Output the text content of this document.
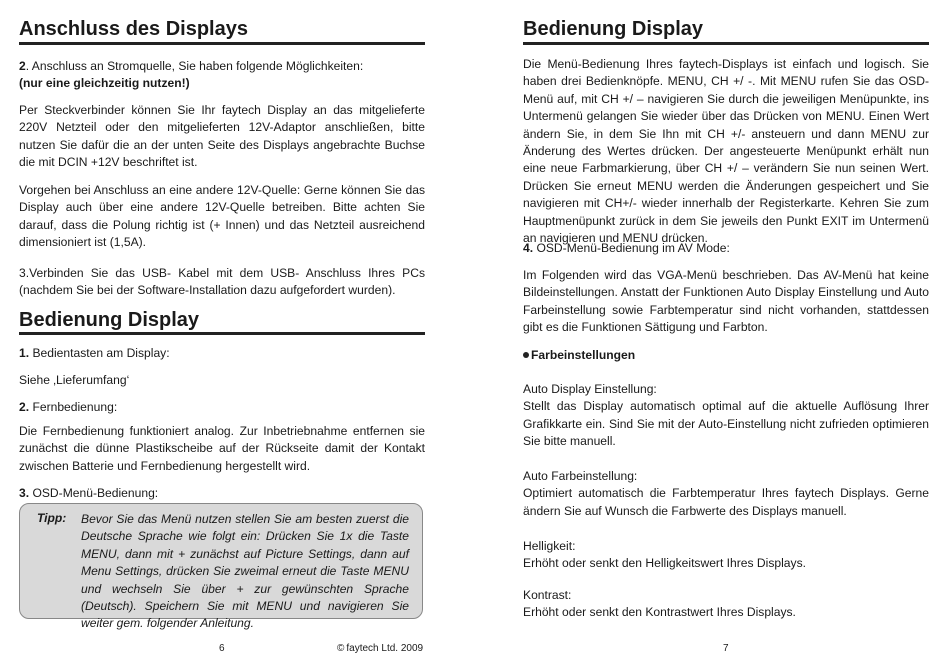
Anschluss des Displays

2. Anschluss an Stromquelle, Sie haben folgende Möglichkeiten:
(nur eine gleichzeitig nutzen!)

Per Steckverbinder können Sie Ihr faytech Display an das mitgelieferte 220V Netzteil oder den mitgelieferten 12V-Adaptor anschließen, bitte nutzen Sie dafür die an der unten Seite des Displays angebrachte Buchse die mit DCIN +12V beschriftet ist.

Vorgehen bei Anschluss an eine andere 12V-Quelle: Gerne können Sie das Display auch über eine andere 12V-Quelle betreiben. Bitte achten Sie darauf, dass die Polung richtig ist (+ Innen) und das Netzteil ausreichend dimensioniert ist (1,5A).

3.Verbinden Sie das USB- Kabel mit dem USB- Anschluss Ihres PCs (nachdem Sie bei der Software-Installation dazu aufgefordert wurden).

Bedienung Display

1. Bedientasten am Display:

Siehe ‚Lieferumfang‘

2. Fernbedienung:

Die Fernbedienung funktioniert analog. Zur Inbetriebnahme entfernen sie zunächst die dünne Plastikscheibe auf der Rückseite damit der Kontakt zwischen Batterie und Fernbedienung hergestellt wird.

3. OSD-Menü-Bedienung:

Tipp: Bevor Sie das Menü nutzen stellen Sie am besten zuerst die Deutsche Sprache wie folgt ein: Drücken Sie 1x die Taste MENU, dann mit + zunächst auf Picture Settings, dann auf Menu Settings, drücken Sie zweimal erneut die Taste MENU und wechseln Sie über + zur gewünschten Sprache (Deutsch). Speichern Sie mit MENU und navigieren Sie weiter gem. folgender Anleitung.
6	© faytech Ltd. 2009
Bedienung Display

Die Menü-Bedienung Ihres faytech-Displays ist einfach und logisch. Sie haben drei Bedienknöpfe. MENU, CH +/ -. Mit MENU rufen Sie das OSD-Menü auf, mit CH +/ – navigieren Sie durch die jeweiligen Menüpunkte, ins Untermenü gelangen Sie wieder über das Drücken von MENU. Einen Wert ändern Sie, in dem Sie Ihn mit CH +/- ansteuern und dann MENU zur Änderung des Wertes drücken. Der angesteuerte Menüpunkt erhält nun eine neue Farbmarkierung, über CH +/ – verändern Sie nun seinen Wert. Drücken Sie erneut MENU werden die Änderungen gespeichert und Sie navigieren mit CH+/- wieder innerhalb der Registerkarte. Kehren Sie zum Hauptmenüpunkt zurück in dem Sie jeweils den Punkt EXIT im Untermenü an navigieren und MENU drücken.

4. OSD-Menü-Bedienung im AV Mode:

Im Folgenden wird das VGA-Menü beschrieben. Das AV-Menü hat keine Bildeinstellungen. Anstatt der Funktionen Auto Display Einstellung und Auto Farbeinstellung sowie Farbtemperatur sind nicht vorhanden, stattdessen gibt es die Funktionen Sättigung und Farbton.

Farbeinstellungen

Auto Display Einstellung:
Stellt das Display automatisch optimal auf die aktuelle Auflösung Ihrer Grafikkarte ein. Sind Sie mit der Auto-Einstellung nicht zufrieden optimieren Sie bitte manuell.

Auto Farbeinstellung:
Optimiert automatisch die Farbtemperatur Ihres faytech Displays. Gerne ändern Sie auf Wunsch die Farbwerte des Displays manuell.

Helligkeit:
Erhöht oder senkt den Helligkeitswert Ihres Displays.

Kontrast:
Erhöht oder senkt den Kontrastwert Ihres Displays.

7
